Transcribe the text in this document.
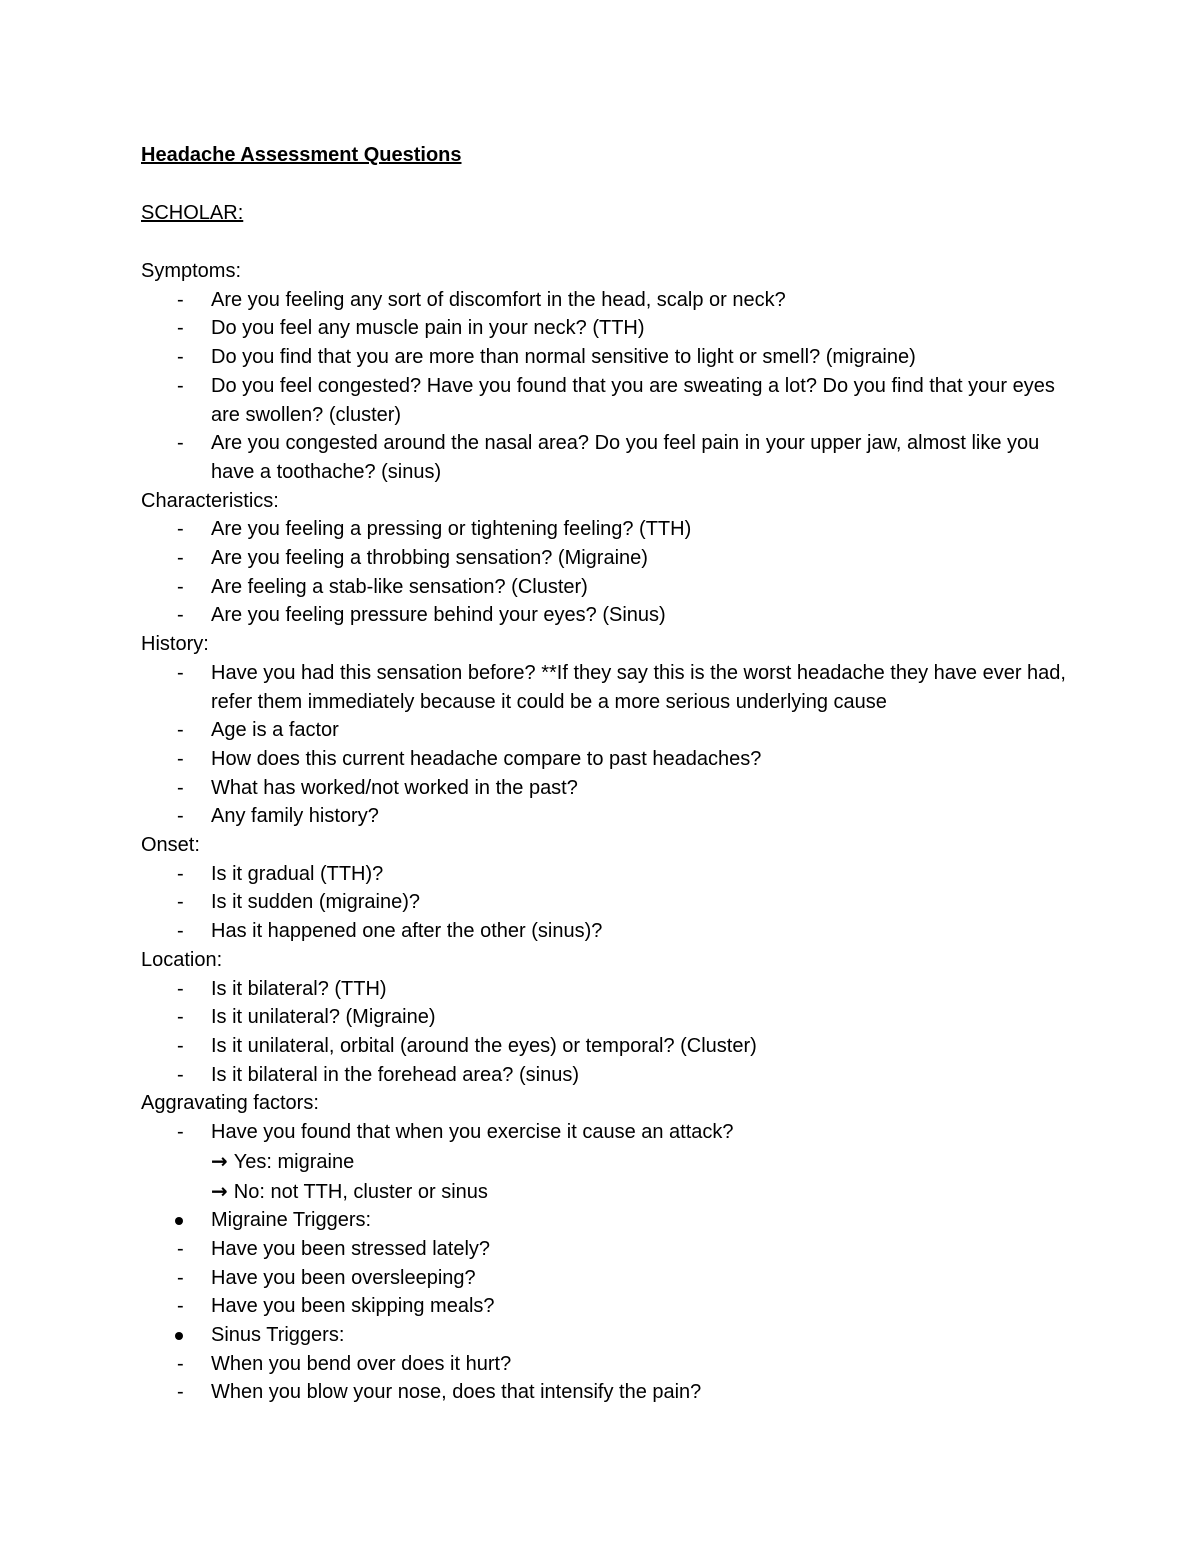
Headache Assessment Questions
SCHOLAR:
Symptoms:
-
Are you feeling any sort of discomfort in the head, scalp or neck?
-
Do you feel any muscle pain in your neck? (TTH)
-
Do you find that you are more than normal sensitive to light or smell? (migraine)
-
Do you feel congested? Have you found that you are sweating a lot? Do you find that your eyes are swollen? (cluster)
-
Are you congested around the nasal area? Do you feel pain in your upper jaw, almost like you have a toothache? (sinus)
Characteristics:
-
Are you feeling a pressing or tightening feeling? (TTH)
-
Are you feeling a throbbing sensation? (Migraine)
-
Are feeling a stab-like sensation? (Cluster)
-
Are you feeling pressure behind your eyes? (Sinus)
History:
-
Have you had this sensation before? **If they say this is the worst headache they have ever had, refer them immediately because it could be a more serious underlying cause
-
Age is a factor
-
How does this current headache compare to past headaches?
-
What has worked/not worked in the past?
-
Any family history?
Onset:
-
Is it gradual (TTH)?
-
Is it sudden (migraine)?
-
Has it happened one after the other (sinus)?
Location:
-
Is it bilateral? (TTH)
-
Is it unilateral? (Migraine)
-
Is it unilateral, orbital (around the eyes) or temporal? (Cluster)
-
Is it bilateral in the forehead area? (sinus)
Aggravating factors:
-
Have you found that when you exercise it cause an attack?
→ Yes: migraine
→ No: not TTH, cluster or sinus
Migraine Triggers:
-
Have you been stressed lately?
-
Have you been oversleeping?
-
Have you been skipping meals?
Sinus Triggers:
-
When you bend over does it hurt?
-
When you blow your nose, does that intensify the pain?
